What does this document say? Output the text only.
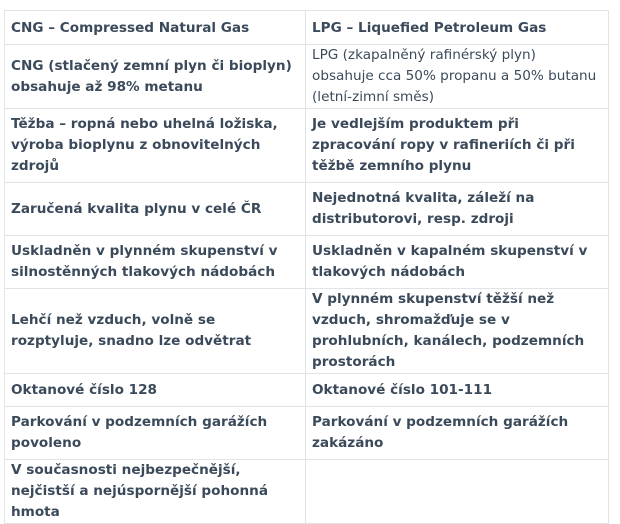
CNG – Compressed Natural Gas	LPG – Liquefied Petroleum Gas
CNG (stlačený zemní plyn či bioplyn) obsahuje až 98% metanu	LPG (zkapalněný rafinérský plyn) obsahuje cca 50% propanu a 50% butanu (letní-zimní směs)
Těžba – ropná nebo uhelná ložiska, výroba bioplynu z obnovitelných zdrojů	Je vedlejším produktem při zpracování ropy v rafineriích či při těžbě zemního plynu
Zaručená kvalita plynu v celé ČR	Nejednotná kvalita, záleží na distributorovi, resp. zdroji
Uskladněn v plynném skupenství v silnostěnných tlakových nádobách	Uskladněn v kapalném skupenství v tlakových nádobách
Lehčí než vzduch, volně se rozptyluje, snadno lze odvětrat	V plynném skupenství těžší než vzduch, shromažďuje se v prohlubních, kanálech, podzemních prostorách
Oktanové číslo 128	Oktanové číslo 101-111
Parkování v podzemních garážích povoleno	Parkování v podzemních garážích zakázáno
V současnosti nejbezpečnější, nejčistší a nejúspornější pohonná hmota	
